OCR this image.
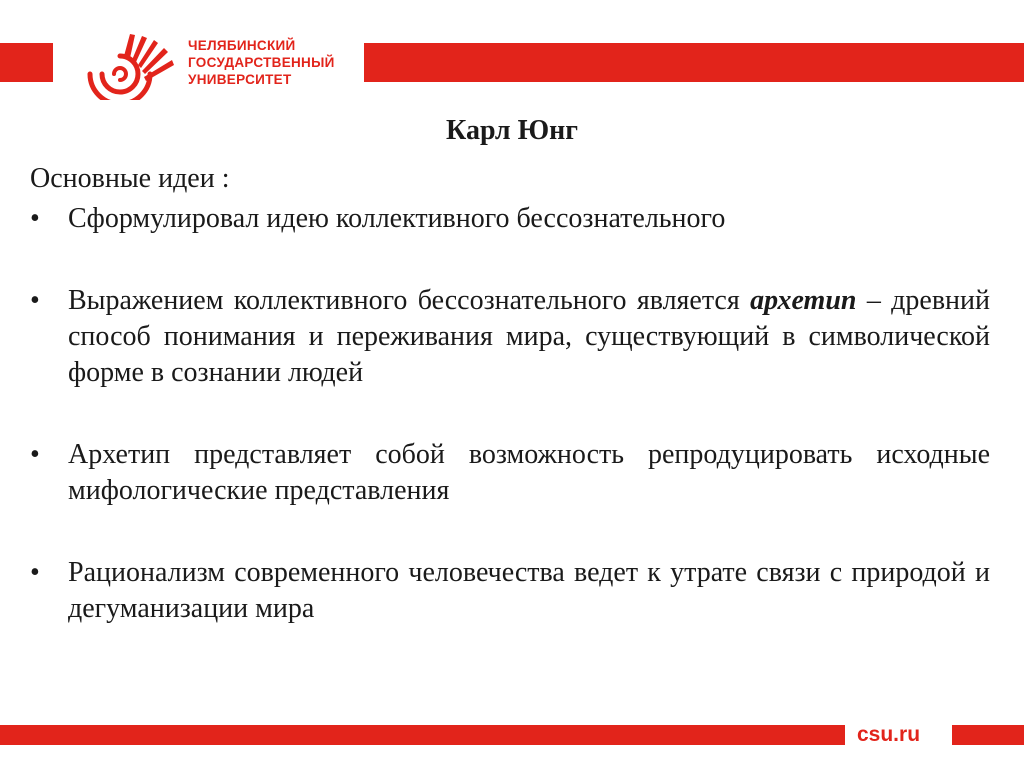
ЧЕЛЯБИНСКИЙ
ГОСУДАРСТВЕННЫЙ
УНИВЕРСИТЕТ
Карл Юнг
Основные идеи :
•	Сформулировал идею коллективного бессознательного
•	Выражением коллективного бессознательного является архетип – древний способ понимания и переживания мира, существующий в символической форме в сознании людей
•	Архетип представляет собой возможность репродуцировать исходные мифологические представления
•	Рационализм современного человечества ведет к утрате связи с природой и дегуманизации мира
csu.ru
